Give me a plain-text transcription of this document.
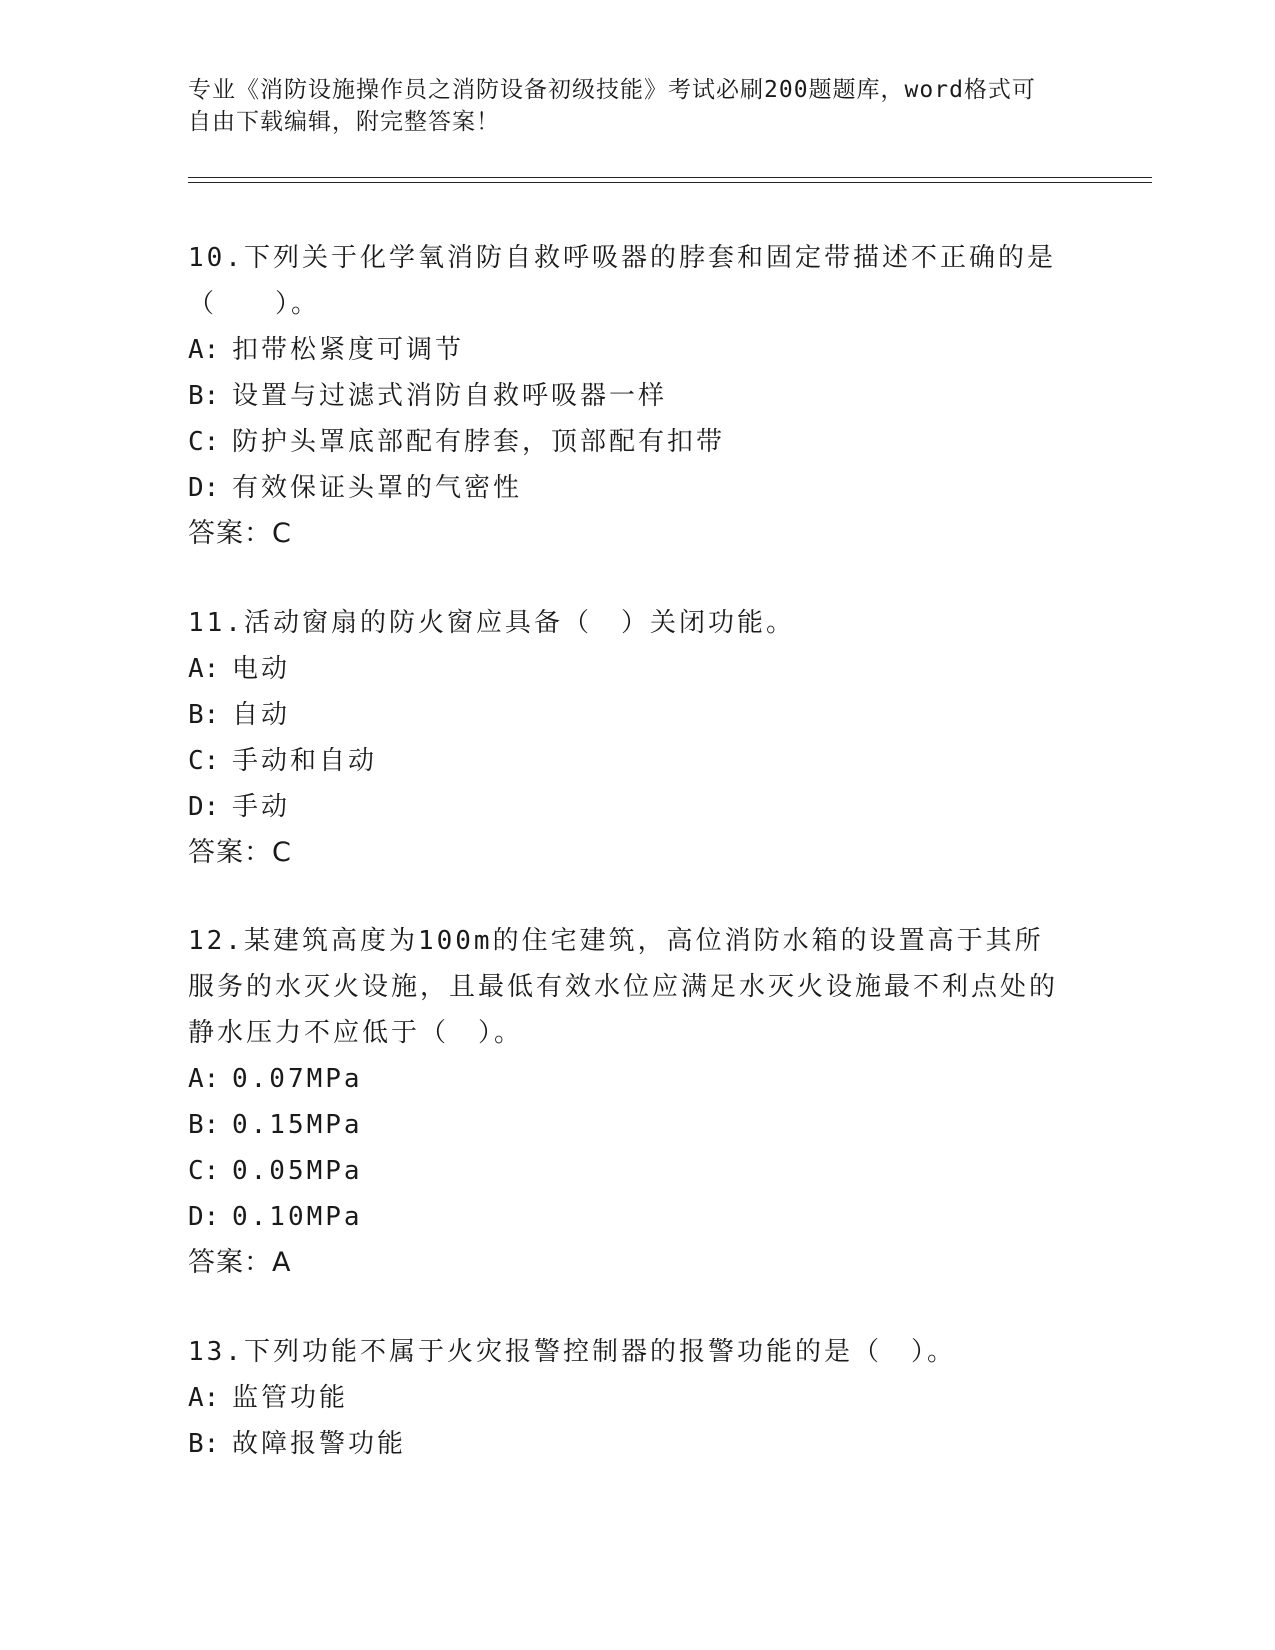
专业《消防设施操作员之消防设备初级技能》考试必刷200题题库，word格式可
自由下载编辑，附完整答案！

10.下列关于化学氧消防自救呼吸器的脖套和固定带描述不正确的是（　　）。

A: 扣带松紧度可调节
B: 设置与过滤式消防自救呼吸器一样
C: 防护头罩底部配有脖套，顶部配有扣带
D: 有效保证头罩的气密性
答案：C

11.活动窗扇的防火窗应具备（　）关闭功能。

A: 电动
B: 自动
C: 手动和自动
D: 手动
答案：C

12.某建筑高度为100m的住宅建筑，高位消防水箱的设置高于其所服务的水灭火设施，且最低有效水位应满足水灭火设施最不利点处的静水压力不应低于（　）。

A: 0.07MPa
B: 0.15MPa
C: 0.05MPa
D: 0.10MPa
答案：A

13.下列功能不属于火灾报警控制器的报警功能的是（　）。

A: 监管功能
B: 故障报警功能
